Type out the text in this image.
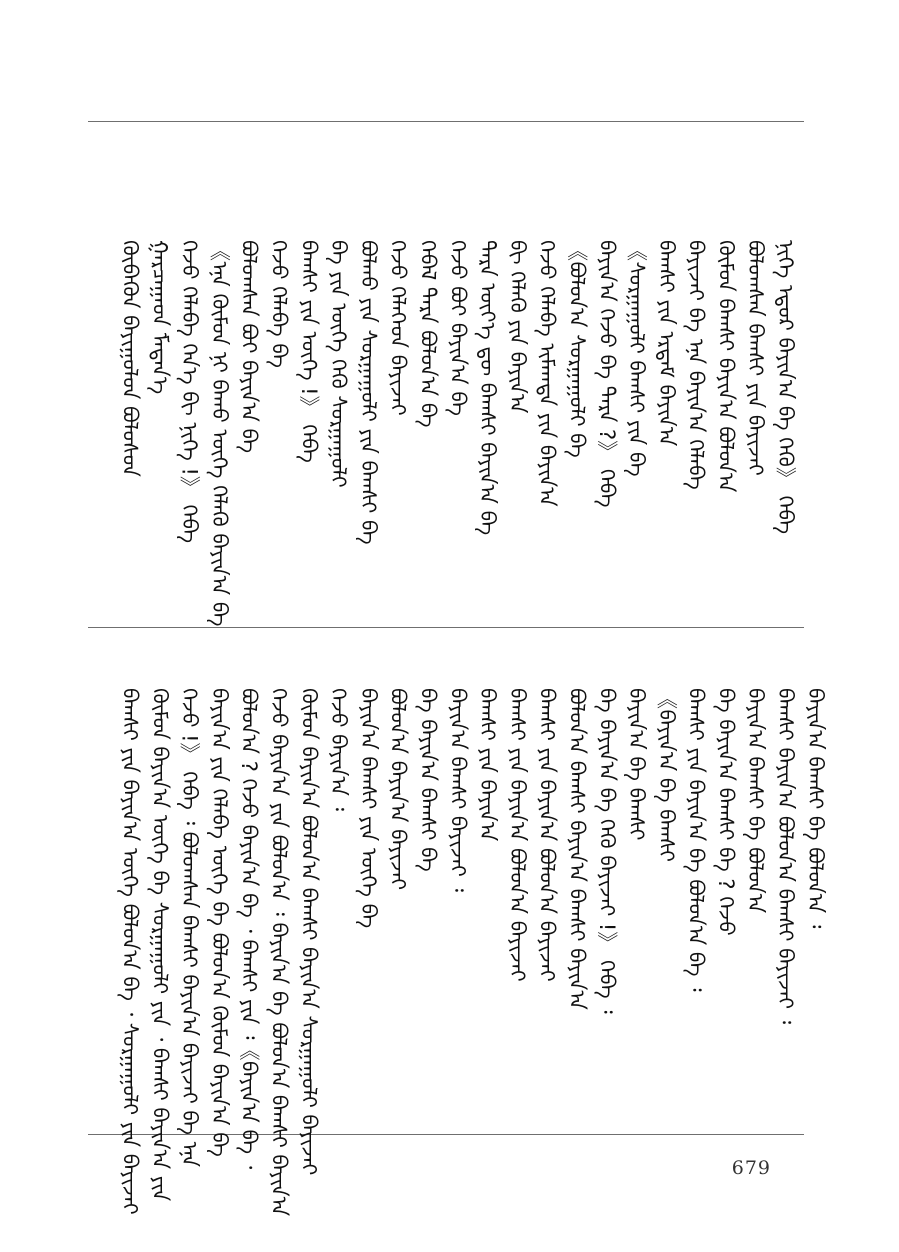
ᠬᠦᠪᠡᠭᠦᠨ ᠪᠠᠶᠢᠭᠤᠯᠤᠨ ᠪᠤᠯᠤᠰᠤᠨ ᠭᠠᠷᠴᠠᠭᠠᠳ ᠮᠡᠳᠡᠨ᠎ᠡ ᠭᠡᠵᠦ ᠬᠡᠯᠡᠪᠡ ᠭᠡᠨ᠎ᠡ ᠪᠢ ᠨᠢᠭᠡ !》 ᠭᠡᠪᠡ 《ᠡᠨᠡ ᠬᠦᠮᠦᠨ ᠨᠢ ᠪᠠᠬᠤ ᠦᠭᠡ ᠬᠡᠯᠡᠬᠦ ᠪᠠᠶᠢᠨ᠎ᠠ ᠪᠠ ᠪᠤᠯᠤᠭᠰᠠᠨ ᠪᠤᠢ ᠪᠠᠶᠢᠨ᠎ᠠ ᠪᠠ ᠭᠡᠵᠦ ᠬᠡᠯᠡᠪᠡ ᠪᠠ ᠪᠠᠭᠰᠢ ᠶᠢᠨ ᠦᠭᠡ !》 ᠭᠡᠪᠡ ᠪᠠ ᠶᠢᠨ ᠦᠭᠡ ᠭᠡᠬᠦ ᠰᠤᠷᠭᠠᠭᠤᠯᠢ ᠪᠤᠯᠬᠤ ᠶᠢᠨ ᠰᠤᠷᠭᠠᠭᠤᠯᠢ ᠶᠢᠨ ᠪᠠᠭᠰᠢ ᠪᠠ ᠭᠡᠵᠦ ᠬᠡᠯᠡᠭᠡᠳ ᠪᠠᠶᠢᠵᠠᠢ ᠭᠡᠪᠡᠯ ᠲᠡᠷᠡ ᠪᠤᠯᠤᠨ᠎ᠠ ᠪᠠ ᠭᠡᠵᠦ ᠪᠤᠢ ᠪᠠᠶᠢᠨ᠎ᠠ ᠪᠠ ᠲᠡᠷᠡ ᠦᠶ᠎ᠡ ᠳᠦ ᠪᠠᠭᠰᠢ ᠪᠠᠶᠢᠨ᠎ᠠ ᠪᠠ ᠪᠢ ᠬᠡᠯᠡᠬᠦ ᠶᠢᠨ ᠪᠠᠶᠢᠨ᠎ᠠ ᠭᠡᠵᠦ ᠬᠡᠯᠡᠪᠡ ᠢᠮᠠᠭᠲᠠ ᠶᠢᠨ ᠪᠠᠶᠢᠨ᠎ᠠ 《ᠪᠤᠯᠤᠨ᠎ᠠ ᠰᠤᠷᠭᠠᠭᠤᠯᠢ ᠪᠠ ᠪᠠᠶᠢᠨ᠎ᠠ ᠭᠡᠵᠦ ᠪᠠ ᠲᠡᠷᠡ ?》 ᠭᠡᠪᠡ 《ᠰᠤᠷᠭᠠᠭᠤᠯᠢ ᠪᠠᠭᠰᠢ ᠶᠢᠨ ᠪᠠ ᠪᠠᠭᠰᠢ ᠶᠢᠨ ᠡᠷᠳᠡᠮ ᠪᠠᠶᠢᠨ᠎ᠠ ᠪᠠᠶᠢᠵᠠᠢ ᠪᠠ ᠡᠨᠡ ᠪᠠᠶᠢᠨ᠎ᠠ ᠬᠡᠯᠡᠪᠡ ᠬᠦᠮᠦᠨ ᠪᠠᠭᠰᠢ ᠪᠠᠶᠢᠨ᠎ᠠ ᠪᠤᠯᠤᠨ᠎ᠠ ᠪᠤᠯᠤᠭᠰᠠᠨ ᠪᠠᠭᠰᠢ ᠶᠢᠨ ᠪᠠᠶᠢᠵᠠᠢ ᠨᠢᠭᠡ ᠡᠳᠦᠷ ᠪᠠᠶᠢᠨ᠎ᠠ ᠪᠠ ᠭᠡᠬᠦ》 ᠭᠡᠪᠡ
ᠪᠠᠭᠰᠢ ᠶᠢᠨ ᠪᠠᠶᠢᠨ᠎ᠠ ᠦᠭᠡ ᠪᠤᠯᠤᠨ᠎ᠠ ᠪᠠ ᠂ ᠰᠤᠷᠭᠠᠭᠤᠯᠢ ᠶᠢᠨ ᠪᠠᠶᠢᠵᠠᠢ ᠬᠦᠮᠦᠨ ᠪᠠᠶᠢᠨ᠎ᠠ ᠦᠭᠡ ᠪᠠ ᠰᠤᠷᠭᠠᠭᠤᠯᠢ ᠶᠢᠨ ᠂ ᠪᠠᠭᠰᠢ ᠪᠠᠶᠢᠨ᠎ᠠ ᠶᠢᠨ ᠭᠡᠵᠦ !》 ᠭᠡᠪᠡ ᠄ ᠪᠤᠯᠤᠭᠰᠠᠨ ᠪᠠᠭᠰᠢ ᠪᠠᠶᠢᠨ᠎ᠠ ᠪᠠᠶᠢᠵᠠᠢ ᠪᠠ ᠡᠨᠡ ᠪᠠᠶᠢᠨ᠎ᠠ ᠶᠢᠨ ᠬᠡᠯᠡᠪᠡ ᠦᠭᠡ ᠪᠠ ᠪᠤᠯᠤᠨ᠎ᠠ ᠬᠦᠮᠦᠨ ᠪᠠᠶᠢᠨ᠎ᠠ ᠪᠠ ᠪᠤᠯᠤᠨ᠎ᠠ ? ᠭᠡᠵᠦ ᠪᠠᠶᠢᠨ᠎ᠠ ᠪᠠ ᠂ ᠪᠠᠭᠰᠢ ᠶᠢᠨ ᠄《ᠪᠠᠶᠢᠨ᠎ᠠ ᠪᠠ ᠂ ᠭᠡᠵᠦ ᠪᠠᠶᠢᠨ᠎ᠠ ᠶᠢᠨ ᠪᠤᠯᠤᠨ᠎ᠠ ᠄ ᠪᠠᠶᠢᠨ᠎ᠠ ᠪᠠ ᠪᠤᠯᠤᠨ᠎ᠠ ᠪᠠᠭᠰᠢ ᠪᠠᠶᠢᠨ᠎ᠠ ᠬᠦᠮᠦᠨ ᠪᠠᠶᠢᠨ᠎ᠠ ᠪᠤᠯᠤᠨ᠎ᠠ ᠪᠠᠭᠰᠢ ᠪᠠᠶᠢᠨ᠎ᠠ ᠰᠤᠷᠭᠠᠭᠤᠯᠢ ᠪᠠᠶᠢᠵᠠᠢ ᠭᠡᠵᠦ ᠪᠠᠶᠢᠨ᠎ᠠ ᠄ ᠪᠠᠶᠢᠨ᠎ᠠ ᠪᠠᠭᠰᠢ ᠶᠢᠨ ᠦᠭᠡ ᠪᠠ ᠪᠤᠯᠤᠨ᠎ᠠ ᠪᠠᠶᠢᠨ᠎ᠠ ᠪᠠᠶᠢᠵᠠᠢ ᠪᠠ ᠪᠠᠶᠢᠨ᠎ᠠ ᠪᠠᠭᠰᠢ ᠪᠠ ᠪᠠᠶᠢᠨ᠎ᠠ ᠪᠠᠭᠰᠢ ᠪᠠᠶᠢᠵᠠᠢ ᠄ ᠪᠠᠭᠰᠢ ᠶᠢᠨ ᠪᠠᠶᠢᠨ᠎ᠠ ᠪᠠᠭᠰᠢ ᠶᠢᠨ ᠪᠠᠶᠢᠨ᠎ᠠ ᠪᠤᠯᠤᠨ᠎ᠠ ᠪᠠᠶᠢᠵᠠᠢ ᠪᠠᠭᠰᠢ ᠶᠢᠨ ᠪᠠᠶᠢᠨ᠎ᠠ ᠪᠤᠯᠤᠨ᠎ᠠ ᠪᠠᠶᠢᠵᠠᠢ ᠪᠤᠯᠤᠨ᠎ᠠ ᠪᠠᠭᠰᠢ ᠪᠠᠶᠢᠨ᠎ᠠ ᠪᠠᠭᠰᠢ ᠪᠠᠶᠢᠨ᠎ᠠ ᠪᠠ ᠪᠠᠶᠢᠨ᠎ᠠ ᠪᠠ ᠭᠡᠬᠦ ᠪᠠᠶᠢᠵᠠᠢ !》 ᠭᠡᠪᠡ ᠄ ᠪᠠᠶᠢᠨ᠎ᠠ ᠪᠠ ᠪᠠᠭᠰᠢ 《ᠪᠠᠶᠢᠨ᠎ᠠ ᠪᠠ ᠪᠠᠭᠰᠢ ᠪᠠᠭᠰᠢ ᠶᠢᠨ ᠪᠠᠶᠢᠨ᠎ᠠ ᠪᠠ ᠪᠤᠯᠤᠨ᠎ᠠ ᠪᠠ ᠄ ᠪᠠ ᠪᠠᠶᠢᠨ᠎ᠠ ᠪᠠᠭᠰᠢ ᠪᠠ ? ᠭᠡᠵᠦ ᠪᠠᠶᠢᠨ᠎ᠠ ᠪᠠᠭᠰᠢ ᠪᠠ ᠪᠤᠯᠤᠨ᠎ᠠ ᠪᠠᠭᠰᠢ ᠪᠠᠶᠢᠨ᠎ᠠ ᠪᠤᠯᠤᠨ᠎ᠠ ᠪᠠᠭᠰᠢ ᠪᠠᠶᠢᠵᠠᠢ ᠄ ᠪᠠᠶᠢᠨ᠎ᠠ ᠪᠠᠭᠰᠢ ᠪᠠ ᠪᠤᠯᠤᠨ᠎ᠠ ᠄
679
